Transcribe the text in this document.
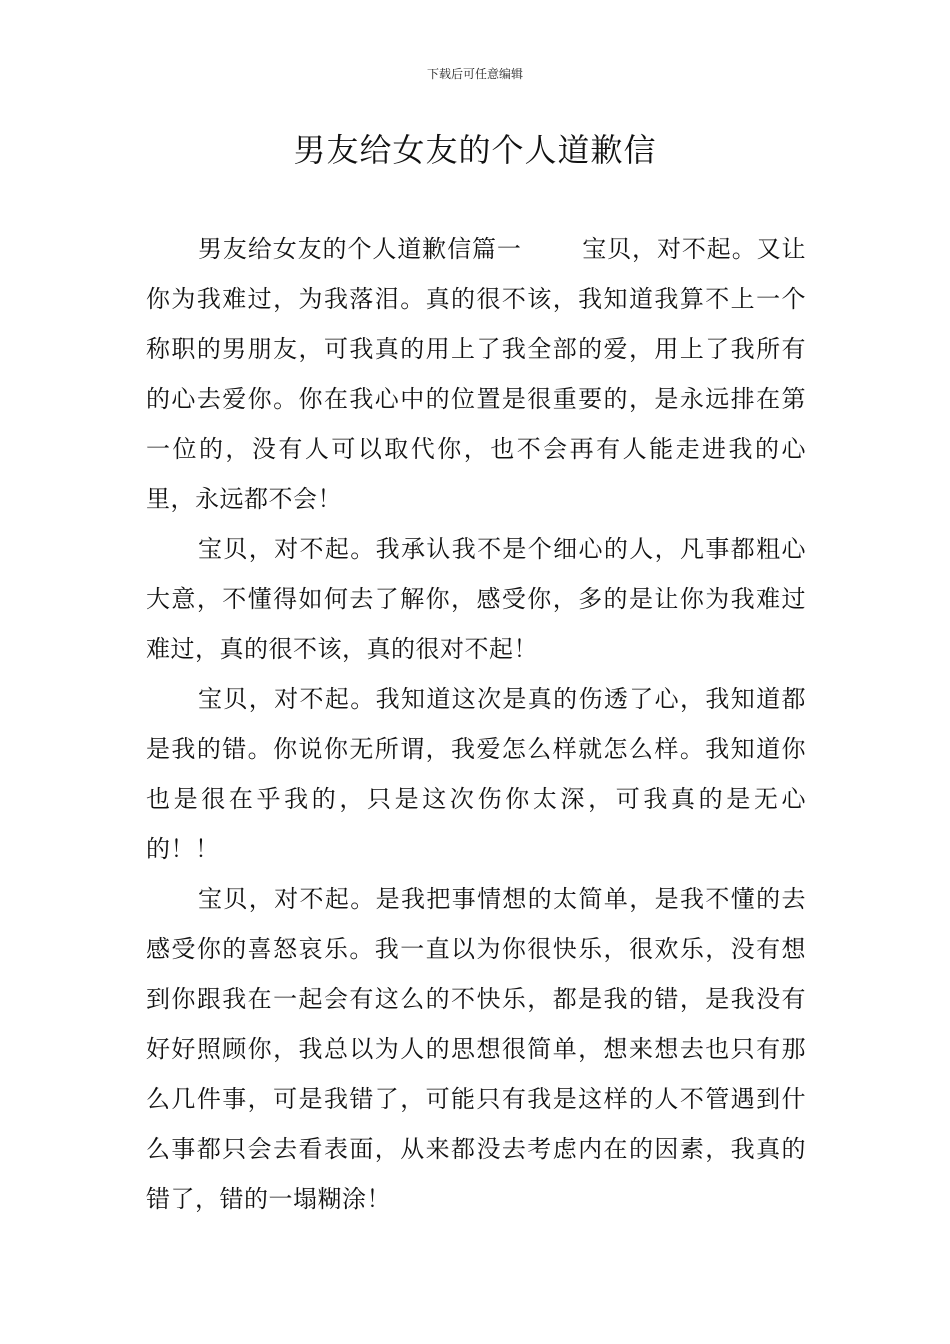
下载后可任意编辑
男友给女友的个人道歉信

男友给女友的个人道歉信篇一	宝贝，对不起。又让你为我难过，为我落泪。真的很不该，我知道我算不上一个称职的男朋友，可我真的用上了我全部的爱，用上了我所有的心去爱你。你在我心中的位置是很重要的，是永远排在第一位的，没有人可以取代你，也不会再有人能走进我的心里，永远都不会！

宝贝，对不起。我承认我不是个细心的人，凡事都粗心大意，不懂得如何去了解你，感受你，多的是让你为我难过难过，真的很不该，真的很对不起！

宝贝，对不起。我知道这次是真的伤透了心，我知道都是我的错。你说你无所谓，我爱怎么样就怎么样。我知道你也是很在乎我的，只是这次伤你太深，可我真的是无心的！！

宝贝，对不起。是我把事情想的太简单，是我不懂的去感受你的喜怒哀乐。我一直以为你很快乐，很欢乐，没有想到你跟我在一起会有这么的不快乐，都是我的错，是我没有好好照顾你，我总以为人的思想很简单，想来想去也只有那么几件事，可是我错了，可能只有我是这样的人不管遇到什么事都只会去看表面，从来都没去考虑内在的因素，我真的错了，错的一塌糊涂！
